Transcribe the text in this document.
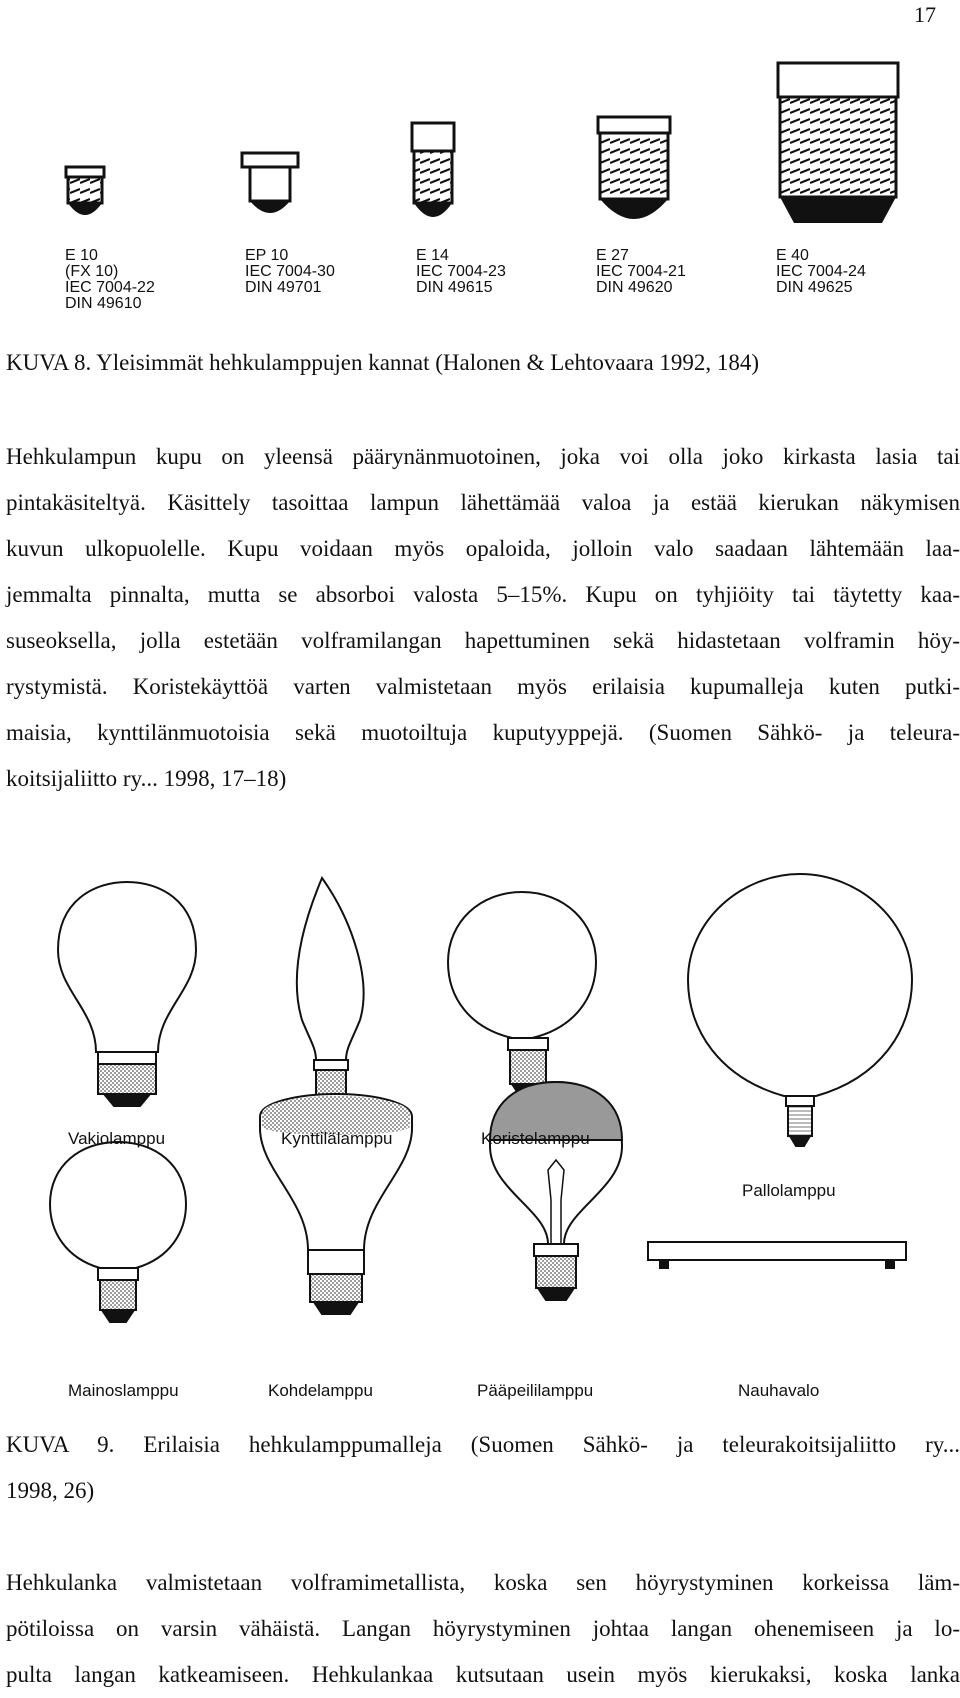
17
E 10
(FX 10)
IEC 7004-22
DIN 49610
EP 10
IEC 7004-30
DIN 49701
E 14
IEC 7004-23
DIN 49615
E 27
IEC 7004-21
DIN 49620
E 40
IEC 7004-24
DIN 49625
KUVA 8. Yleisimmät hehkulamppujen kannat (Halonen & Lehtovaara 1992, 184)
Hehkulampun kupu on yleensä päärynänmuotoinen, joka voi olla joko kirkasta lasia tai
pintakäsiteltyä. Käsittely tasoittaa lampun lähettämää valoa ja estää kierukan näkymisen
kuvun ulkopuolelle. Kupu voidaan myös opaloida, jolloin valo saadaan lähtemään laa-
jemmalta pinnalta, mutta se absorboi valosta 5–15%. Kupu on tyhjiöity tai täytetty kaa-
suseoksella, jolla estetään volframilangan hapettuminen sekä hidastetaan volframin höy-
rystymistä. Koristekäyttöä varten valmistetaan myös erilaisia kupumalleja kuten putki-
maisia, kynttilänmuotoisia sekä muotoiltuja kuputyyppejä. (Suomen Sähkö- ja teleura-
koitsijaliitto ry... 1998, 17–18)
Vakiolamppu	Kynttilälamppu	Koristelamppu
Pallolamppu
Mainoslamppu	Kohdelamppu	Pääpeililamppu	Nauhavalo
KUVA 9. Erilaisia hehkulamppumalleja (Suomen Sähkö- ja teleurakoitsijaliitto ry...
1998, 26)
Hehkulanka valmistetaan volframimetallista, koska sen höyrystyminen korkeissa läm-
pötiloissa on varsin vähäistä. Langan höyrystyminen johtaa langan ohenemiseen ja lo-
pulta langan katkeamiseen. Hehkulankaa kutsutaan usein myös kierukaksi, koska lanka
